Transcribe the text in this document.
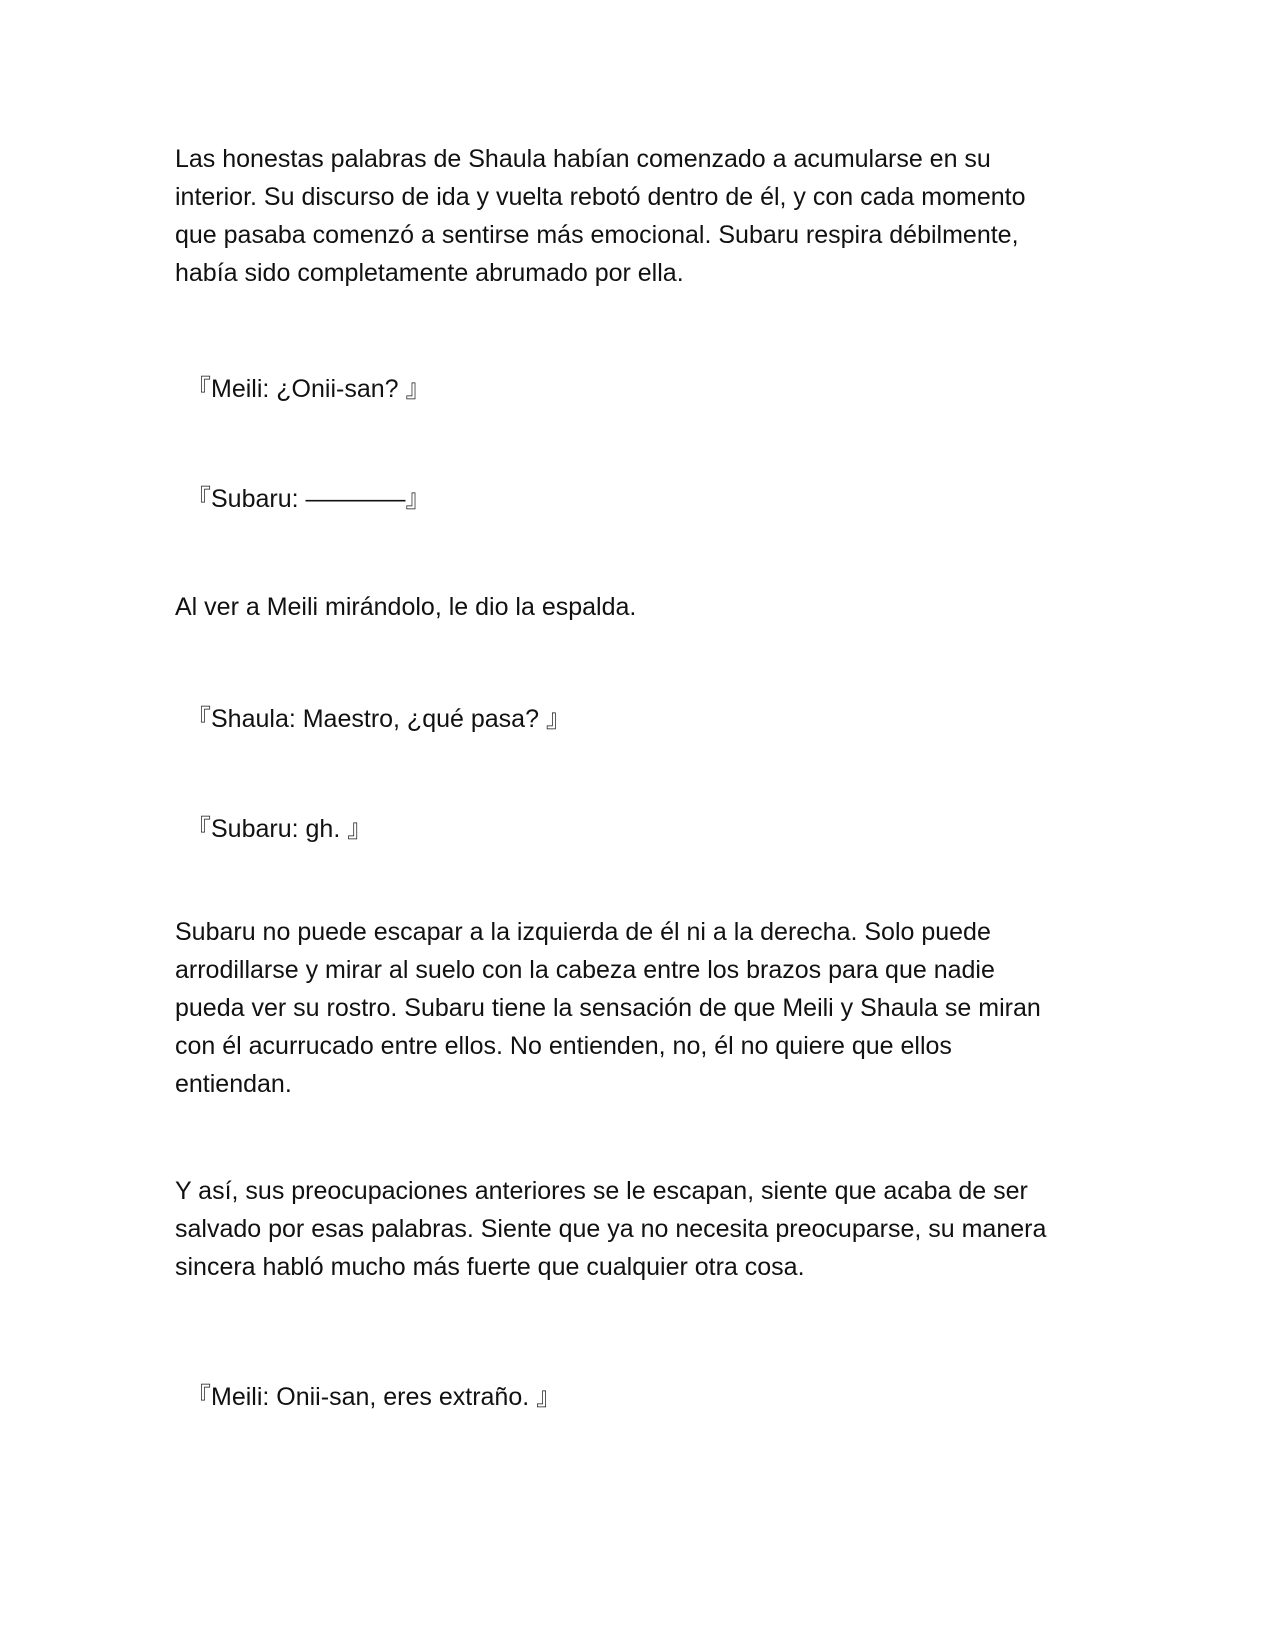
Las honestas palabras de Shaula habían comenzado a acumularse en su
interior. Su discurso de ida y vuelta rebotó dentro de él, y con cada momento
que pasaba comenzó a sentirse más emocional. Subaru respira débilmente,
había sido completamente abrumado por ella.
『Meili: ¿Onii-san? 』
『Subaru: ————』
Al ver a Meili mirándolo, le dio la espalda.
『Shaula: Maestro, ¿qué pasa? 』
『Subaru: gh. 』
Subaru no puede escapar a la izquierda de él ni a la derecha. Solo puede
arrodillarse y mirar al suelo con la cabeza entre los brazos para que nadie
pueda ver su rostro. Subaru tiene la sensación de que Meili y Shaula se miran
con él acurrucado entre ellos. No entienden, no, él no quiere que ellos
entiendan.
Y así, sus preocupaciones anteriores se le escapan, siente que acaba de ser
salvado por esas palabras. Siente que ya no necesita preocuparse, su manera
sincera habló mucho más fuerte que cualquier otra cosa.
『Meili: Onii-san, eres extraño. 』
